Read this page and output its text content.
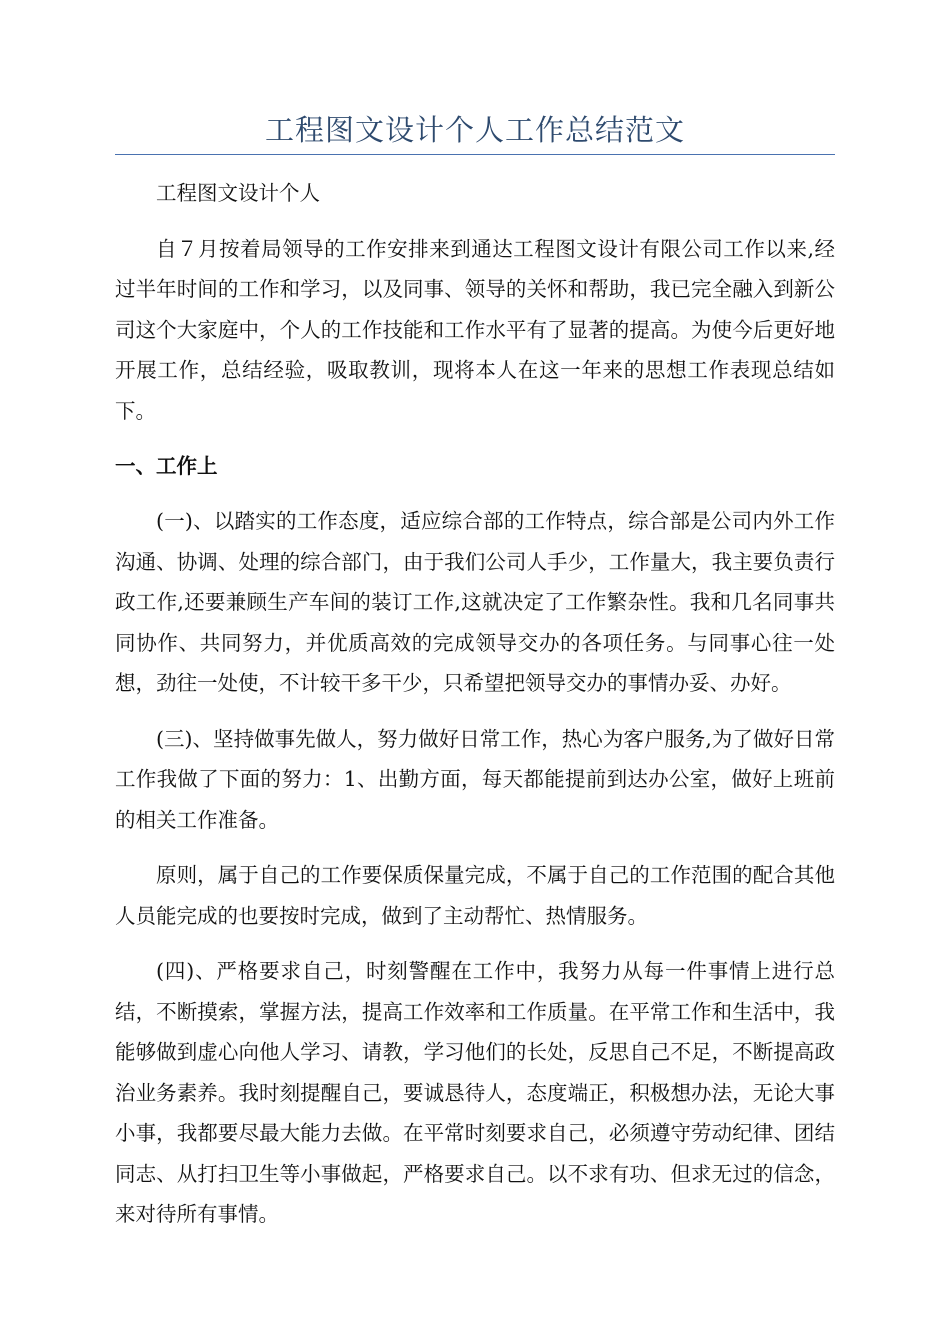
工程图文设计个人工作总结范文

工程图文设计个人

自７月按着局领导的工作安排来到通达工程图文设计有限公司工作以来,经过半年时间的工作和学习，以及同事、领导的关怀和帮助，我已完全融入到新公司这个大家庭中，个人的工作技能和工作水平有了显著的提高。为使今后更好地开展工作，总结经验，吸取教训，现将本人在这一年来的思想工作表现总结如下。

一、工作上

(一)、以踏实的工作态度，适应综合部的工作特点，综合部是公司内外工作沟通、协调、处理的综合部门，由于我们公司人手少，工作量大，我主要负责行政工作,还要兼顾生产车间的装订工作,这就决定了工作繁杂性。我和几名同事共同协作、共同努力，并优质高效的完成领导交办的各项任务。与同事心往一处想，劲往一处使，不计较干多干少，只希望把领导交办的事情办妥、办好。

(三)、坚持做事先做人，努力做好日常工作，热心为客户服务,为了做好日常工作我做了下面的努力：1、出勤方面，每天都能提前到达办公室，做好上班前的相关工作准备。

原则，属于自己的工作要保质保量完成，不属于自己的工作范围的配合其他人员能完成的也要按时完成，做到了主动帮忙、热情服务。

(四)、严格要求自己，时刻警醒在工作中，我努力从每一件事情上进行总结，不断摸索，掌握方法，提高工作效率和工作质量。在平常工作和生活中，我能够做到虚心向他人学习、请教，学习他们的长处，反思自己不足，不断提高政治业务素养。我时刻提醒自己，要诚恳待人，态度端正，积极想办法，无论大事小事，我都要尽最大能力去做。在平常时刻要求自己，必须遵守劳动纪律、团结同志、从打扫卫生等小事做起，严格要求自己。以不求有功、但求无过的信念，来对待所有事情。
